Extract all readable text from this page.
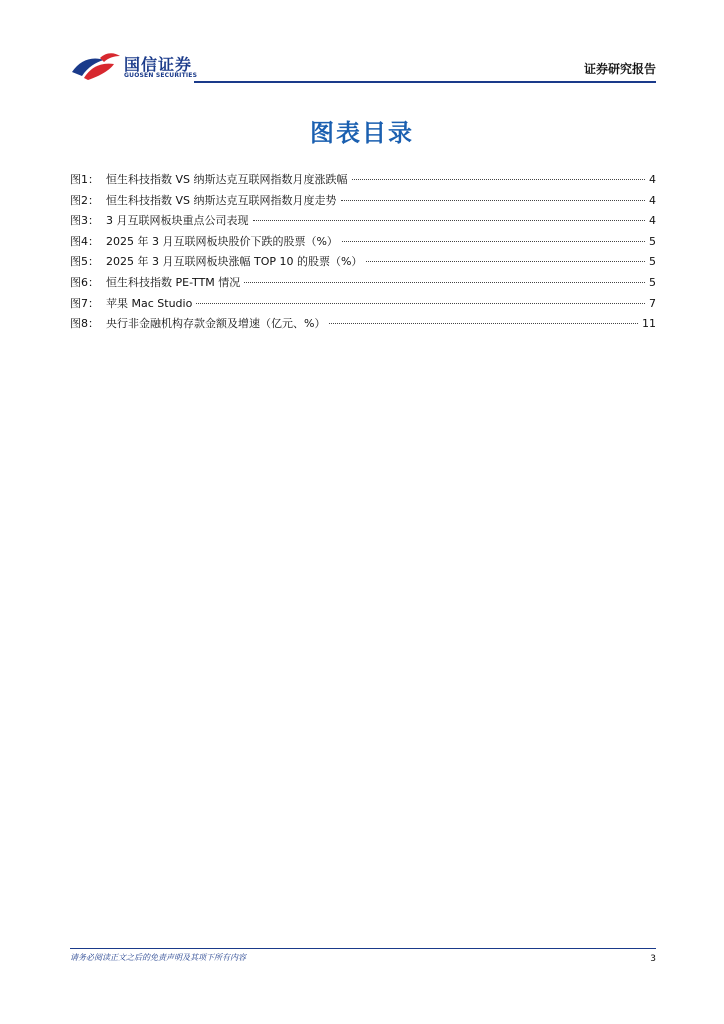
国信证券
GUOSEN SECURITIES	证券研究报告
图表目录
图1： 恒生科技指数 VS 纳斯达克互联网指数月度涨跌幅	4
图2： 恒生科技指数 VS 纳斯达克互联网指数月度走势	4
图3： 3 月互联网板块重点公司表现	4
图4： 2025 年 3 月互联网板块股价下跌的股票（%）	5
图5： 2025 年 3 月互联网板块涨幅 TOP 10 的股票（%）	5
图6： 恒生科技指数 PE-TTM 情况	5
图7： 苹果 Mac Studio	7
图8： 央行非金融机构存款金额及增速（亿元、%）	11
请务必阅读正文之后的免责声明及其项下所有内容	3
